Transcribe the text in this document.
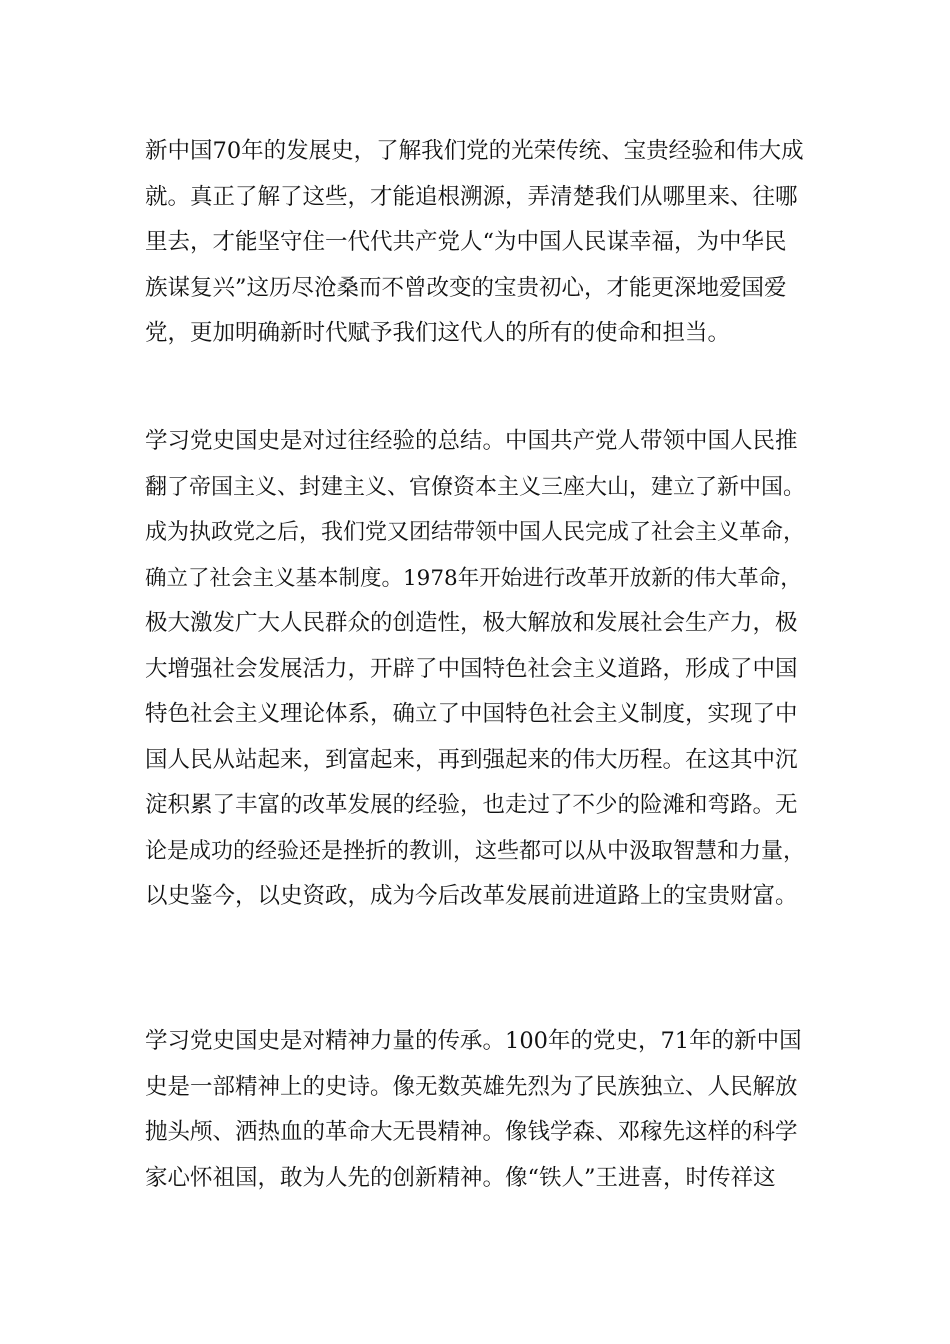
新中国70年的发展史，了解我们党的光荣传统、宝贵经验和伟大成
就。真正了解了这些，才能追根溯源，弄清楚我们从哪里来、往哪
里去，才能坚守住一代代共产党人“为中国人民谋幸福，为中华民
族谋复兴”这历尽沧桑而不曾改变的宝贵初心，才能更深地爱国爱
党，更加明确新时代赋予我们这代人的所有的使命和担当。
学习党史国史是对过往经验的总结。中国共产党人带领中国人民推
翻了帝国主义、封建主义、官僚资本主义三座大山，建立了新中国。
成为执政党之后，我们党又团结带领中国人民完成了社会主义革命，
确立了社会主义基本制度。1978年开始进行改革开放新的伟大革命，
极大激发广大人民群众的创造性，极大解放和发展社会生产力，极
大增强社会发展活力，开辟了中国特色社会主义道路，形成了中国
特色社会主义理论体系，确立了中国特色社会主义制度，实现了中
国人民从站起来，到富起来，再到强起来的伟大历程。在这其中沉
淀积累了丰富的改革发展的经验，也走过了不少的险滩和弯路。无
论是成功的经验还是挫折的教训，这些都可以从中汲取智慧和力量，
以史鉴今，以史资政，成为今后改革发展前进道路上的宝贵财富。
学习党史国史是对精神力量的传承。100年的党史，71年的新中国
史是一部精神上的史诗。像无数英雄先烈为了民族独立、人民解放
抛头颅、洒热血的革命大无畏精神。像钱学森、邓稼先这样的科学
家心怀祖国，敢为人先的创新精神。像“铁人”王进喜，时传祥这
